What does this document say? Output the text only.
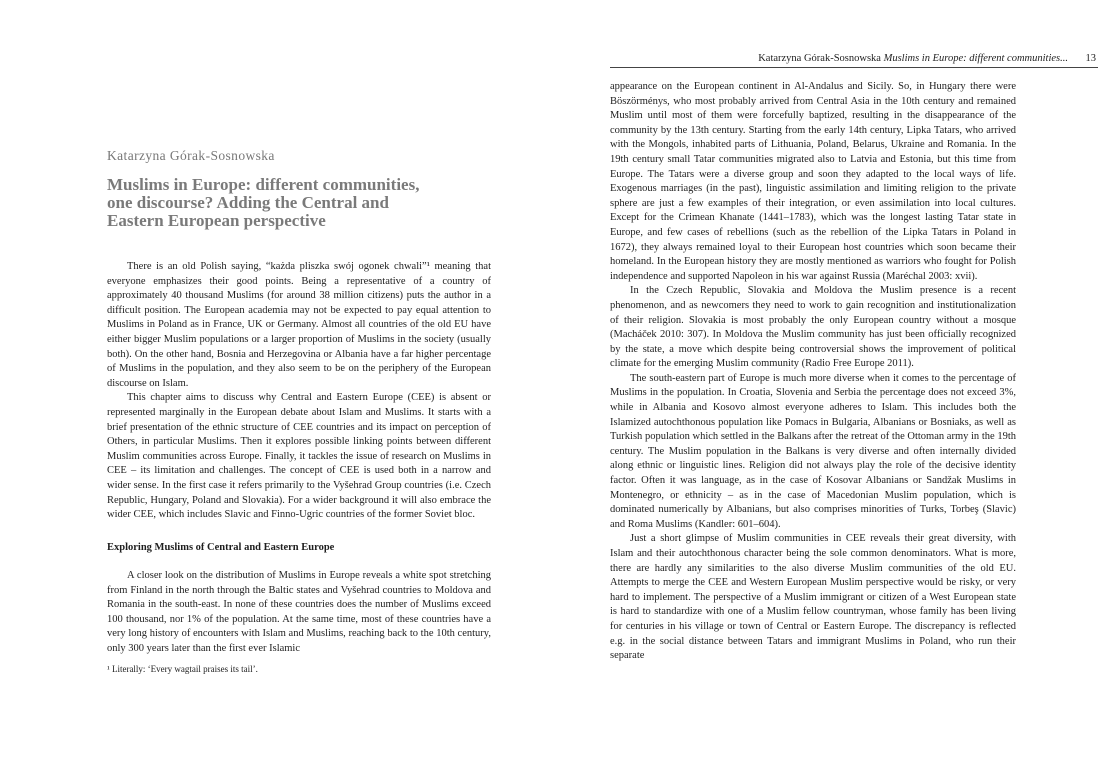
Katarzyna Górak-Sosnowska
Muslims in Europe: different communities, one discourse? Adding the Central and Eastern European perspective

There is an old Polish saying, “każda pliszka swój ogonek chwali”¹ meaning that everyone emphasizes their good points. Being a representative of a country of approximately 40 thousand Muslims (for around 38 million citizens) puts the author in a difficult position. The European academia may not be expected to pay equal attention to Muslims in Poland as in France, UK or Germany. Almost all countries of the old EU have either bigger Muslim populations or a larger proportion of Muslims in the society (usually both). On the other hand, Bosnia and Herzegovina or Albania have a far higher percentage of Muslims in the population, and they also seem to be on the periphery of the European discourse on Islam.

This chapter aims to discuss why Central and Eastern Europe (CEE) is absent or represented marginally in the European debate about Islam and Muslims. It starts with a brief presentation of the ethnic structure of CEE countries and its impact on perception of Others, in particular Muslims. Then it explores possible linking points between different Muslim communities across Europe. Finally, it tackles the issue of research on Muslims in CEE – its limitation and challenges. The concept of CEE is used both in a narrow and wider sense. In the first case it refers primarily to the Vyšehrad Group countries (i.e. Czech Republic, Hungary, Poland and Slovakia). For a wider background it will also embrace the wider CEE, which includes Slavic and Finno-Ugric countries of the former Soviet bloc.

Exploring Muslims of Central and Eastern Europe

A closer look on the distribution of Muslims in Europe reveals a white spot stretching from Finland in the north through the Baltic states and Vyšehrad countries to Moldova and Romania in the south-east. In none of these countries does the number of Muslims exceed 100 thousand, nor 1% of the population. At the same time, most of these countries have a very long history of encounters with Islam and Muslims, reaching back to the 10th century, only 300 years later than the first ever Islamic

¹ Literally: ‘Every wagtail praises its tail’.
Katarzyna Górak-Sosnowska Muslims in Europe: different communities... 13

appearance on the European continent in Al-Andalus and Sicily. So, in Hungary there were Böszörménys, who most probably arrived from Central Asia in the 10th century and remained Muslim until most of them were forcefully baptized, resulting in the disappearance of the community by the 13th century. Starting from the early 14th century, Lipka Tatars, who arrived with the Mongols, inhabited parts of Lithuania, Poland, Belarus, Ukraine and Romania. In the 19th century small Tatar communities migrated also to Latvia and Estonia, but this time from Europe. The Tatars were a diverse group and soon they adapted to the local ways of life. Exogenous marriages (in the past), linguistic assimilation and limiting religion to the private sphere are just a few examples of their integration, or even assimilation into local cultures. Except for the Crimean Khanate (1441–1783), which was the longest lasting Tatar state in Europe, and few cases of rebellions (such as the rebellion of the Lipka Tatars in Poland in 1672), they always remained loyal to their European host countries which soon became their homeland. In the European history they are mostly mentioned as warriors who fought for Polish independence and supported Napoleon in his war against Russia (Maréchal 2003: xvii).

In the Czech Republic, Slovakia and Moldova the Muslim presence is a recent phenomenon, and as newcomers they need to work to gain recognition and institutionalization of their religion. Slovakia is most probably the only European country without a mosque (Macháček 2010: 307). In Moldova the Muslim community has just been officially recognized by the state, a move which despite being controversial shows the improvement of political climate for the emerging Muslim community (Radio Free Europe 2011).

The south-eastern part of Europe is much more diverse when it comes to the percentage of Muslims in the population. In Croatia, Slovenia and Serbia the percentage does not exceed 3%, while in Albania and Kosovo almost everyone adheres to Islam. This includes both the Islamized autochthonous population like Pomacs in Bulgaria, Albanians or Bosniaks, as well as Turkish population which settled in the Balkans after the retreat of the Ottoman army in the 19th century. The Muslim population in the Balkans is very diverse and often internally divided along ethnic or linguistic lines. Religion did not always play the role of the decisive identity factor. Often it was language, as in the case of Kosovar Albanians or Sandžak Muslims in Montenegro, or ethnicity – as in the case of Macedonian Muslim population, which is dominated numerically by Albanians, but also comprises minorities of Turks, Torbeş (Slavic) and Roma Muslims (Kandler: 601–604).

Just a short glimpse of Muslim communities in CEE reveals their great diversity, with Islam and their autochthonous character being the sole common denominators. What is more, there are hardly any similarities to the also diverse Muslim communities of the old EU. Attempts to merge the CEE and Western European Muslim perspective would be risky, or very hard to implement. The perspective of a Muslim immigrant or citizen of a West European state is hard to standardize with one of a Muslim fellow countryman, whose family has been living for centuries in his village or town of Central or Eastern Europe. The discrepancy is reflected e.g. in the social distance between Tatars and immigrant Muslims in Poland, who run their separate
